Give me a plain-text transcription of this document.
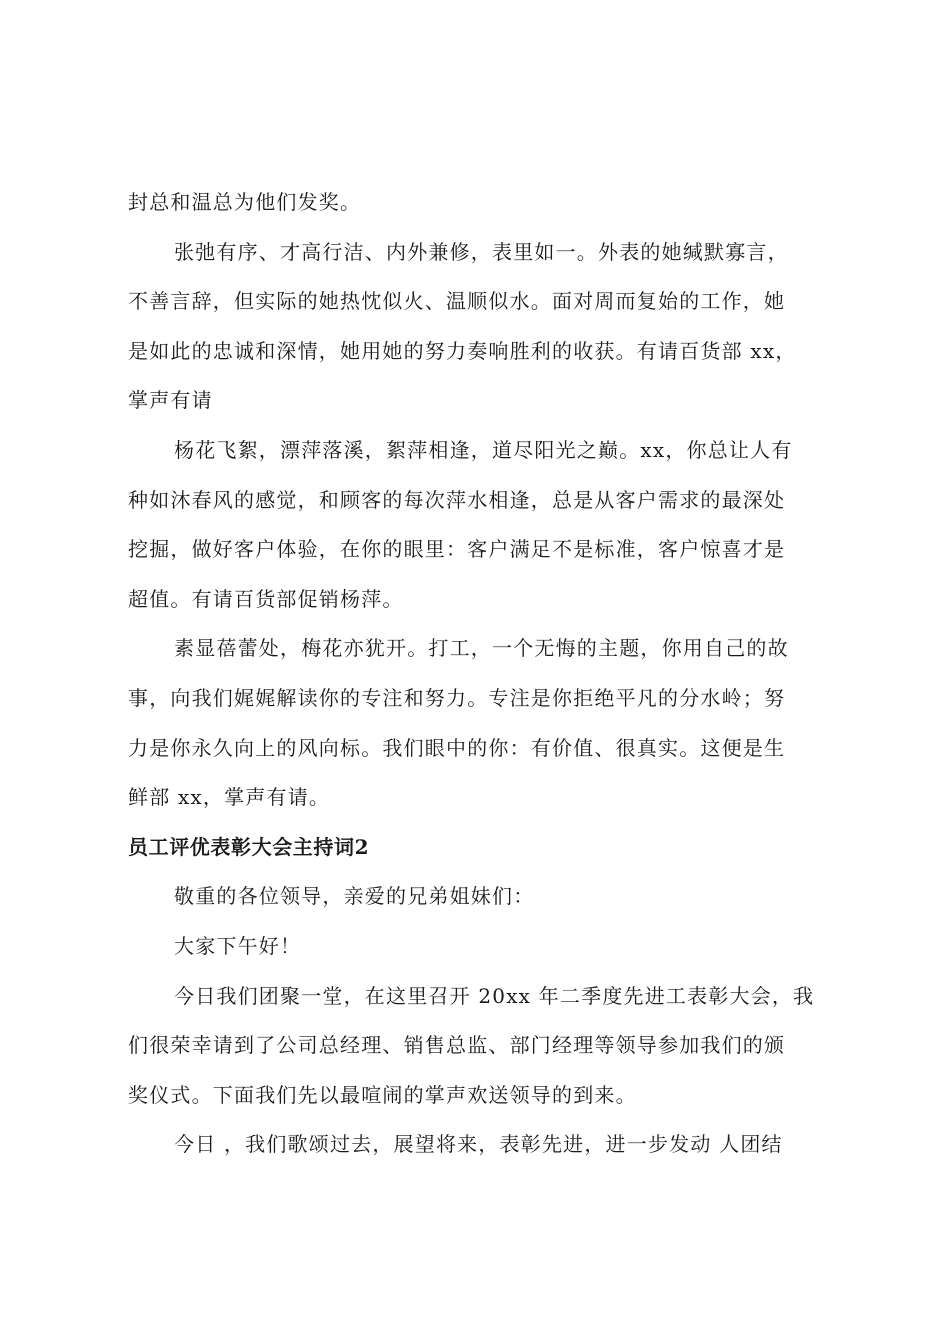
封总和温总为他们发奖。

张弛有序、才高行洁、内外兼修，表里如一。外表的她缄默寡言，
不善言辞，但实际的她热忱似火、温顺似水。面对周而复始的工作，她
是如此的忠诚和深情，她用她的努力奏响胜利的收获。有请百货部 xx，
掌声有请

杨花飞絮，漂萍落溪，絮萍相逢，道尽阳光之巅。xx，你总让人有
种如沐春风的感觉，和顾客的每次萍水相逢，总是从客户需求的最深处
挖掘，做好客户体验，在你的眼里：客户满足不是标准，客户惊喜才是
超值。有请百货部促销杨萍。

素显蓓蕾处，梅花亦犹开。打工，一个无悔的主题，你用自己的故
事，向我们娓娓解读你的专注和努力。专注是你拒绝平凡的分水岭；努
力是你永久向上的风向标。我们眼中的你：有价值、很真实。这便是生
鲜部 xx，掌声有请。

员工评优表彰大会主持词2

敬重的各位领导，亲爱的兄弟姐妹们：

大家下午好！

今日我们团聚一堂，在这里召开 20xx 年二季度先进工表彰大会，我
们很荣幸请到了公司总经理、销售总监、部门经理等领导参加我们的颁
奖仪式。下面我们先以最喧闹的掌声欢送领导的到来。

今日 ，我们歌颂过去，展望将来，表彰先进，进一步发动 人团结
